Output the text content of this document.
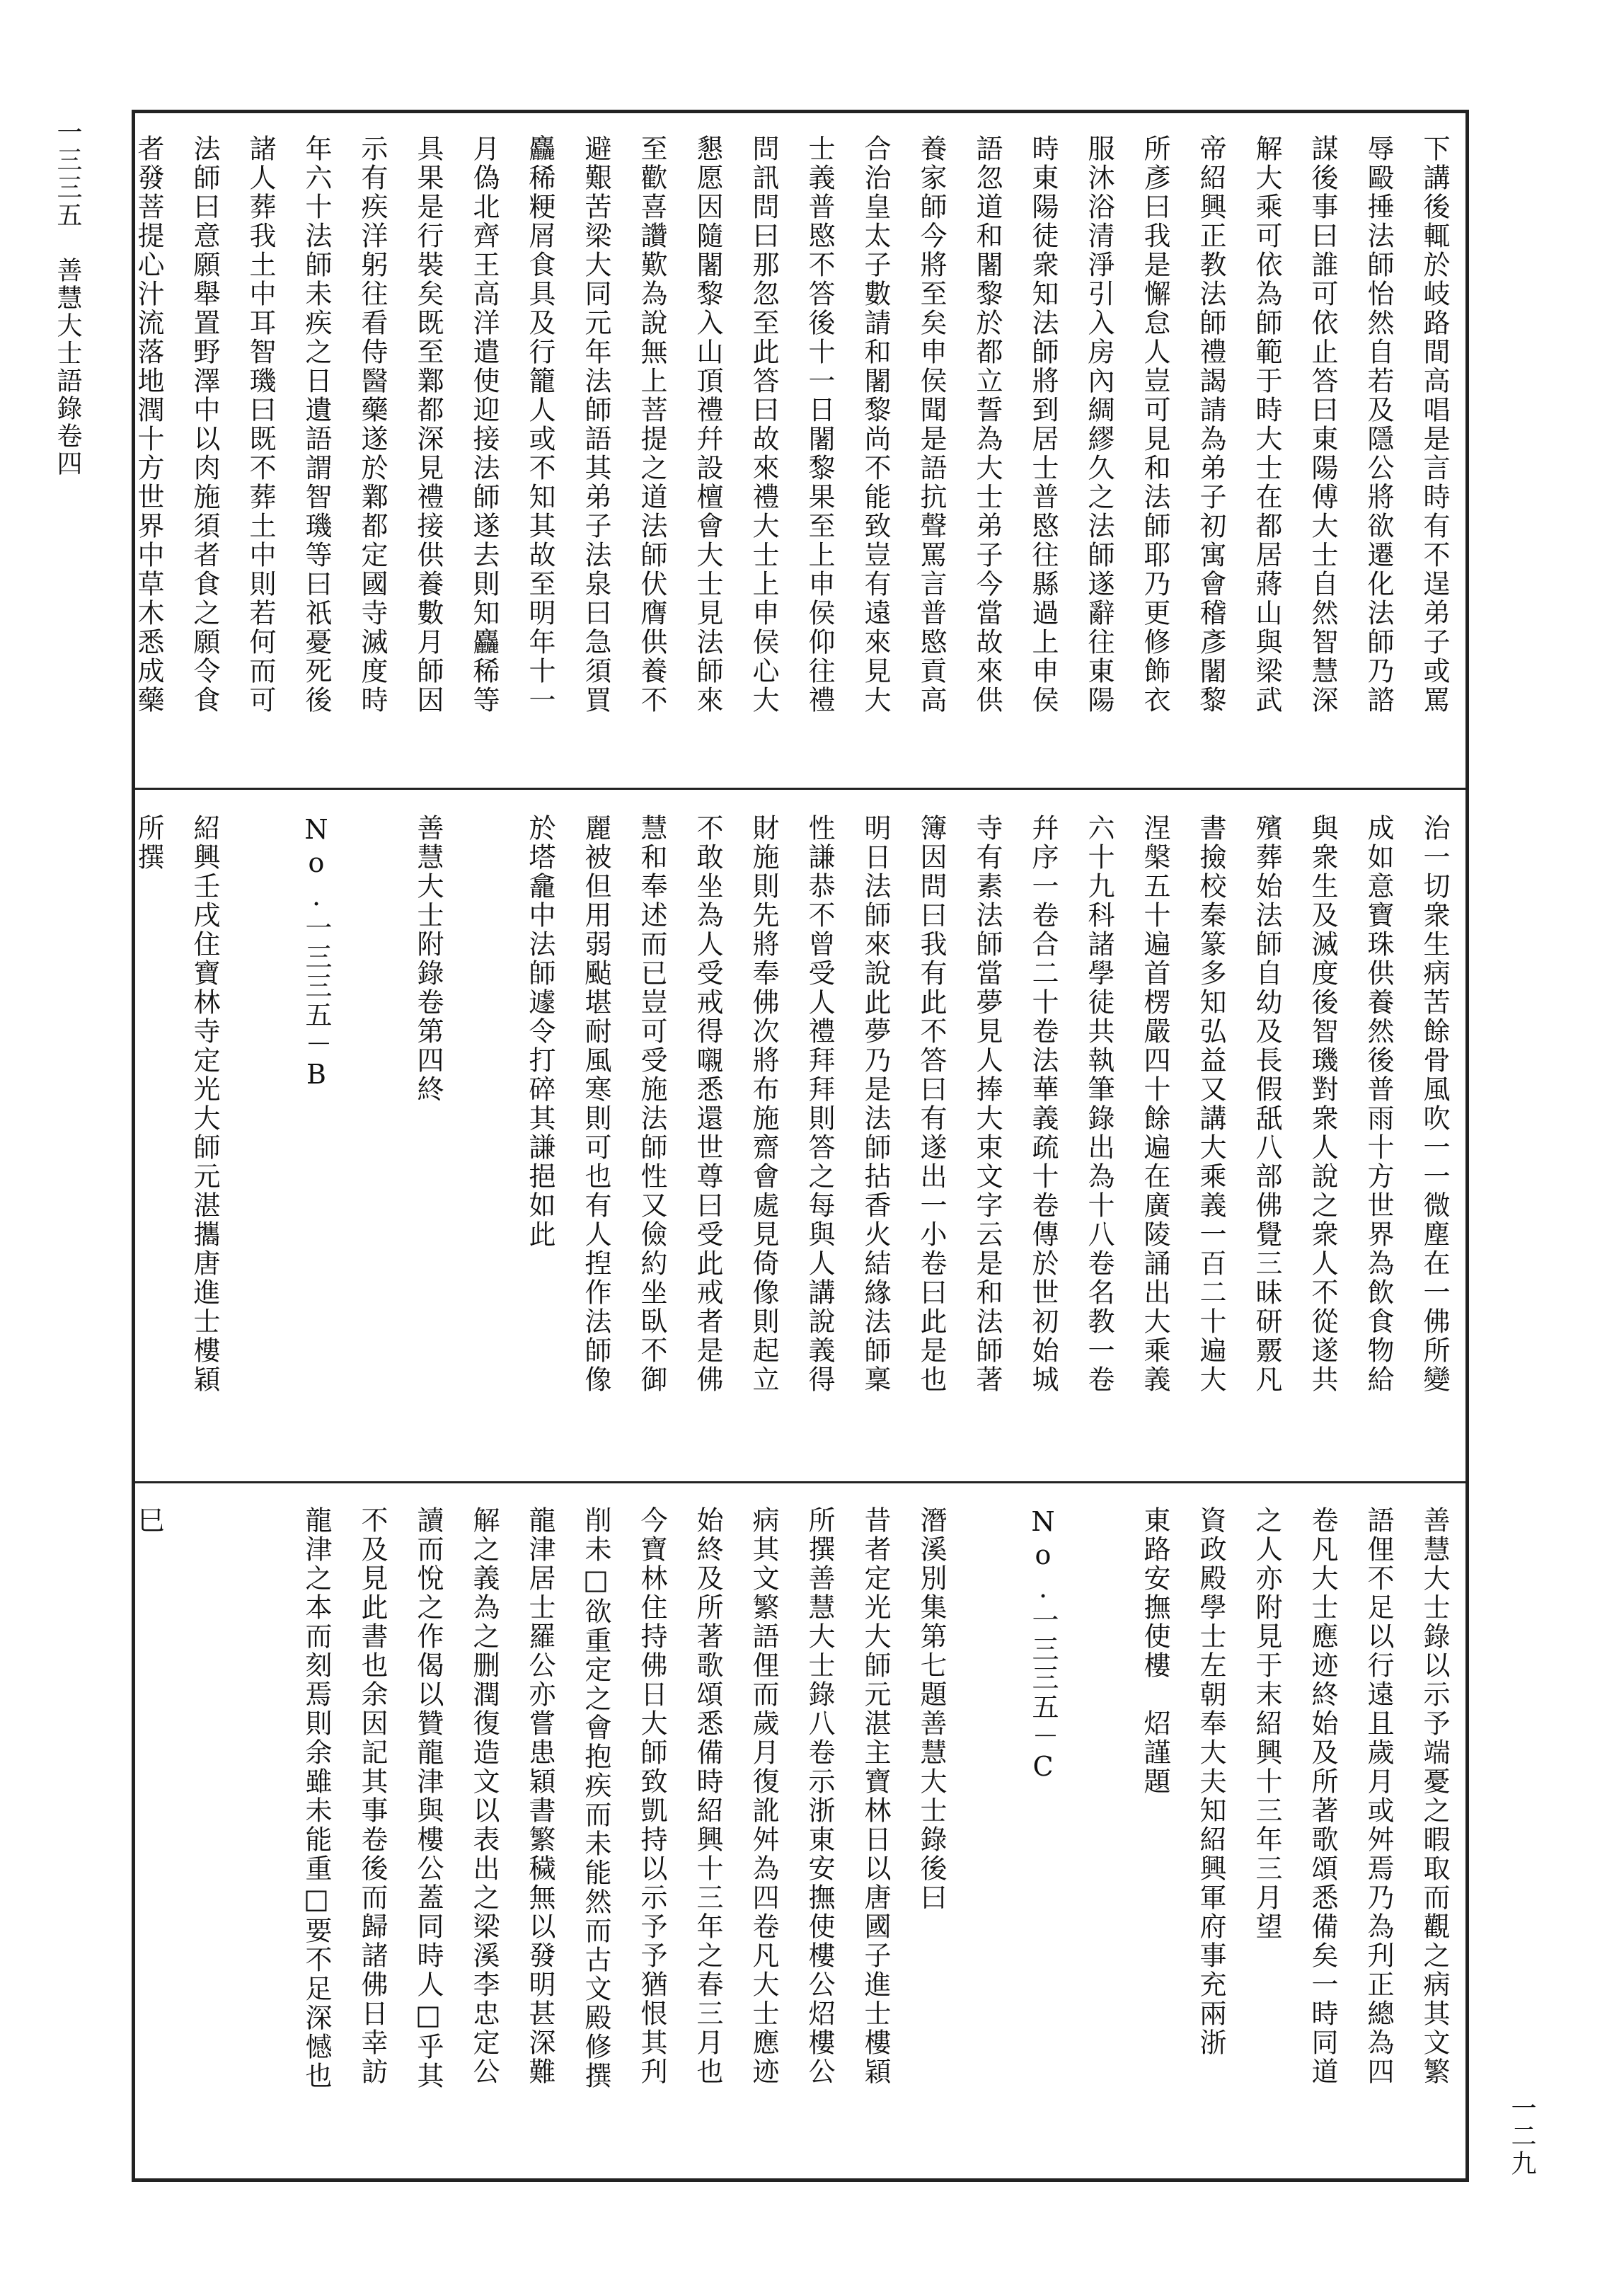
一三三五　善慧大士語錄卷四
一二九
下講後輒於岐路間高唱是言時有不逞弟子或罵
辱毆捶法師怡然自若及隱公將欲遷化法師乃諮
謀後事曰誰可依止答曰東陽傅大士自然智慧深
解大乘可依為師範于時大士在都居蔣山與梁武
帝紹興正教法師禮謁請為弟子初寓會稽彥闍黎
所彥曰我是懈怠人豈可見和法師耶乃更修飾衣
服沐浴清淨引入房內綢繆久之法師遂辭往東陽
時東陽徒衆知法師將到居士普愍往縣過上申侯
語忽道和闍黎於都立誓為大士弟子今當故來供
養家師今將至矣申侯聞是語抗聲罵言普愍貢高
合治皇太子數請和闍黎尚不能致豈有遠來見大
士義普愍不答後十一日闍黎果至上申侯仰往禮
問訊問曰那忽至此答曰故來禮大士上申侯心大
懇愿因隨闍黎入山頂禮幷設檀會大士見法師來
至歡喜讚歎為說無上菩提之道法師伏膺供養不
避艱苦梁大同元年法師語其弟子法泉曰急須買
麤稀粳屑食具及行籠人或不知其故至明年十一
月偽北齊王高洋遣使迎接法師遂去則知麤稀等
具果是行裝矣既至鄴都深見禮接供養數月師因
示有疾洋躬往看侍醫藥遂於鄴都定國寺滅度時
年六十法師未疾之日遺語謂智璣等曰祇憂死後
諸人葬我土中耳智璣曰既不葬土中則若何而可
法師曰意願舉置野澤中以肉施須者食之願令食
者發菩提心汁流落地潤十方世界中草木悉成藥
治一切衆生病苦餘骨風吹一一微塵在一佛所變
成如意寶珠供養然後普雨十方世界為飲食物給
與衆生及滅度後智璣對衆人說之衆人不從遂共
殯葬始法師自幼及長假舐八部佛覺三昧研覈凡
書撿校秦篆多知弘益又講大乘義一百二十遍大
涅槃五十遍首楞嚴四十餘遍在廣陵誦出大乘義
六十九科諸學徒共執筆錄出為十八卷名教一卷
幷序一卷合二十卷法華義疏十卷傳於世初始城
寺有素法師當夢見人捧大束文字云是和法師著
簿因問曰我有此不答曰有遂出一小卷曰此是也
明日法師來說此夢乃是法師拈香火結緣法師稟
性謙恭不曾受人禮拜拜則答之每與人講說義得
財施則先將奉佛次將布施齋會處見倚像則起立
不敢坐為人受戒得嚫悉還世尊曰受此戒者是佛
慧和奉述而已豈可受施法師性又儉約坐臥不御
麗被但用弱颭堪耐風寒則可也有人揑作法師像
於塔龕中法師遽令打碎其謙挹如此
善慧大士附錄卷第四終
No.一三三五－B
紹興壬戌住寶林寺定光大師元湛攜唐進士樓穎
所撰
善慧大士錄以示予端憂之暇取而觀之病其文繁
語俚不足以行遠且歲月或舛焉乃為刋正總為四
卷凡大士應迹終始及所著歌頌悉備矣一時同道
之人亦附見于末紹興十三年三月望
資政殿學士左朝奉大夫知紹興軍府事充兩浙
東路安撫使樓　炤謹題
No.一三三五－C
潛溪別集第七題善慧大士錄後曰
昔者定光大師元湛主寶林日以唐國子進士樓穎
所撰善慧大士錄八卷示浙東安撫使樓公炤樓公
病其文繁語俚而歲月復訛舛為四卷凡大士應迹
始終及所著歌頌悉備時紹興十三年之春三月也
今寶林住持佛日大師致凱持以示予予猶恨其刋
削未□欲重定之會抱疾而未能然而古文殿修撰
龍津居士羅公亦嘗患穎書繁穢無以發明甚深難
解之義為之删潤復造文以表出之梁溪李忠定公
讀而悅之作偈以贊龍津與樓公蓋同時人□乎其
不及見此書也余因記其事卷後而歸諸佛日幸訪
龍津之本而刻焉則余雖未能重□要不足深憾也
巳
